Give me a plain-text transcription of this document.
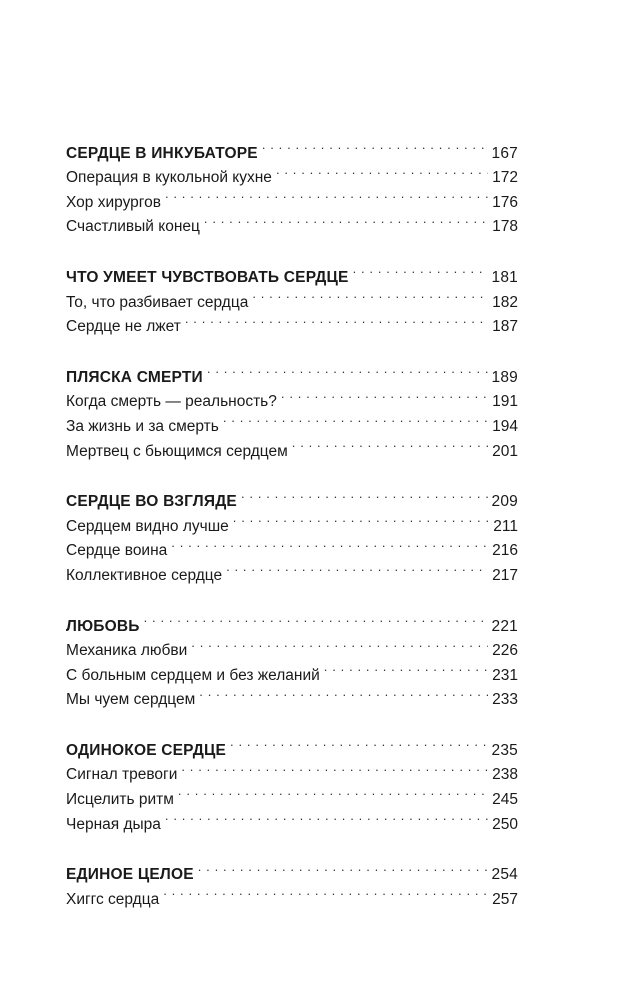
СЕРДЦЕ В ИНКУБАТОРЕ . . .	167
Операция в кукольной кухне . . .	172
Хор хирургов . . .	176
Счастливый конец . . .	178
ЧТО УМЕЕТ ЧУВСТВОВАТЬ СЕРДЦЕ . . .	181
То, что разбивает сердца . . .	182
Сердце не лжет . . .	187
ПЛЯСКА СМЕРТИ . . .	189
Когда смерть — реальность? . . .	191
За жизнь и за смерть . . .	194
Мертвец с бьющимся сердцем . . .	201
СЕРДЦЕ ВО ВЗГЛЯДЕ . . .	209
Сердцем видно лучше . . .	211
Сердце воина . . .	216
Коллективное сердце . . .	217
ЛЮБОВЬ . . .	221
Механика любви . . .	226
С больным сердцем и без желаний . . .	231
Мы чуем сердцем . . .	233
ОДИНОКОЕ СЕРДЦЕ . . .	235
Сигнал тревоги . . .	238
Исцелить ритм . . .	245
Черная дыра . . .	250
ЕДИНОЕ ЦЕЛОЕ . . .	254
Хиггс сердца . . .	257
